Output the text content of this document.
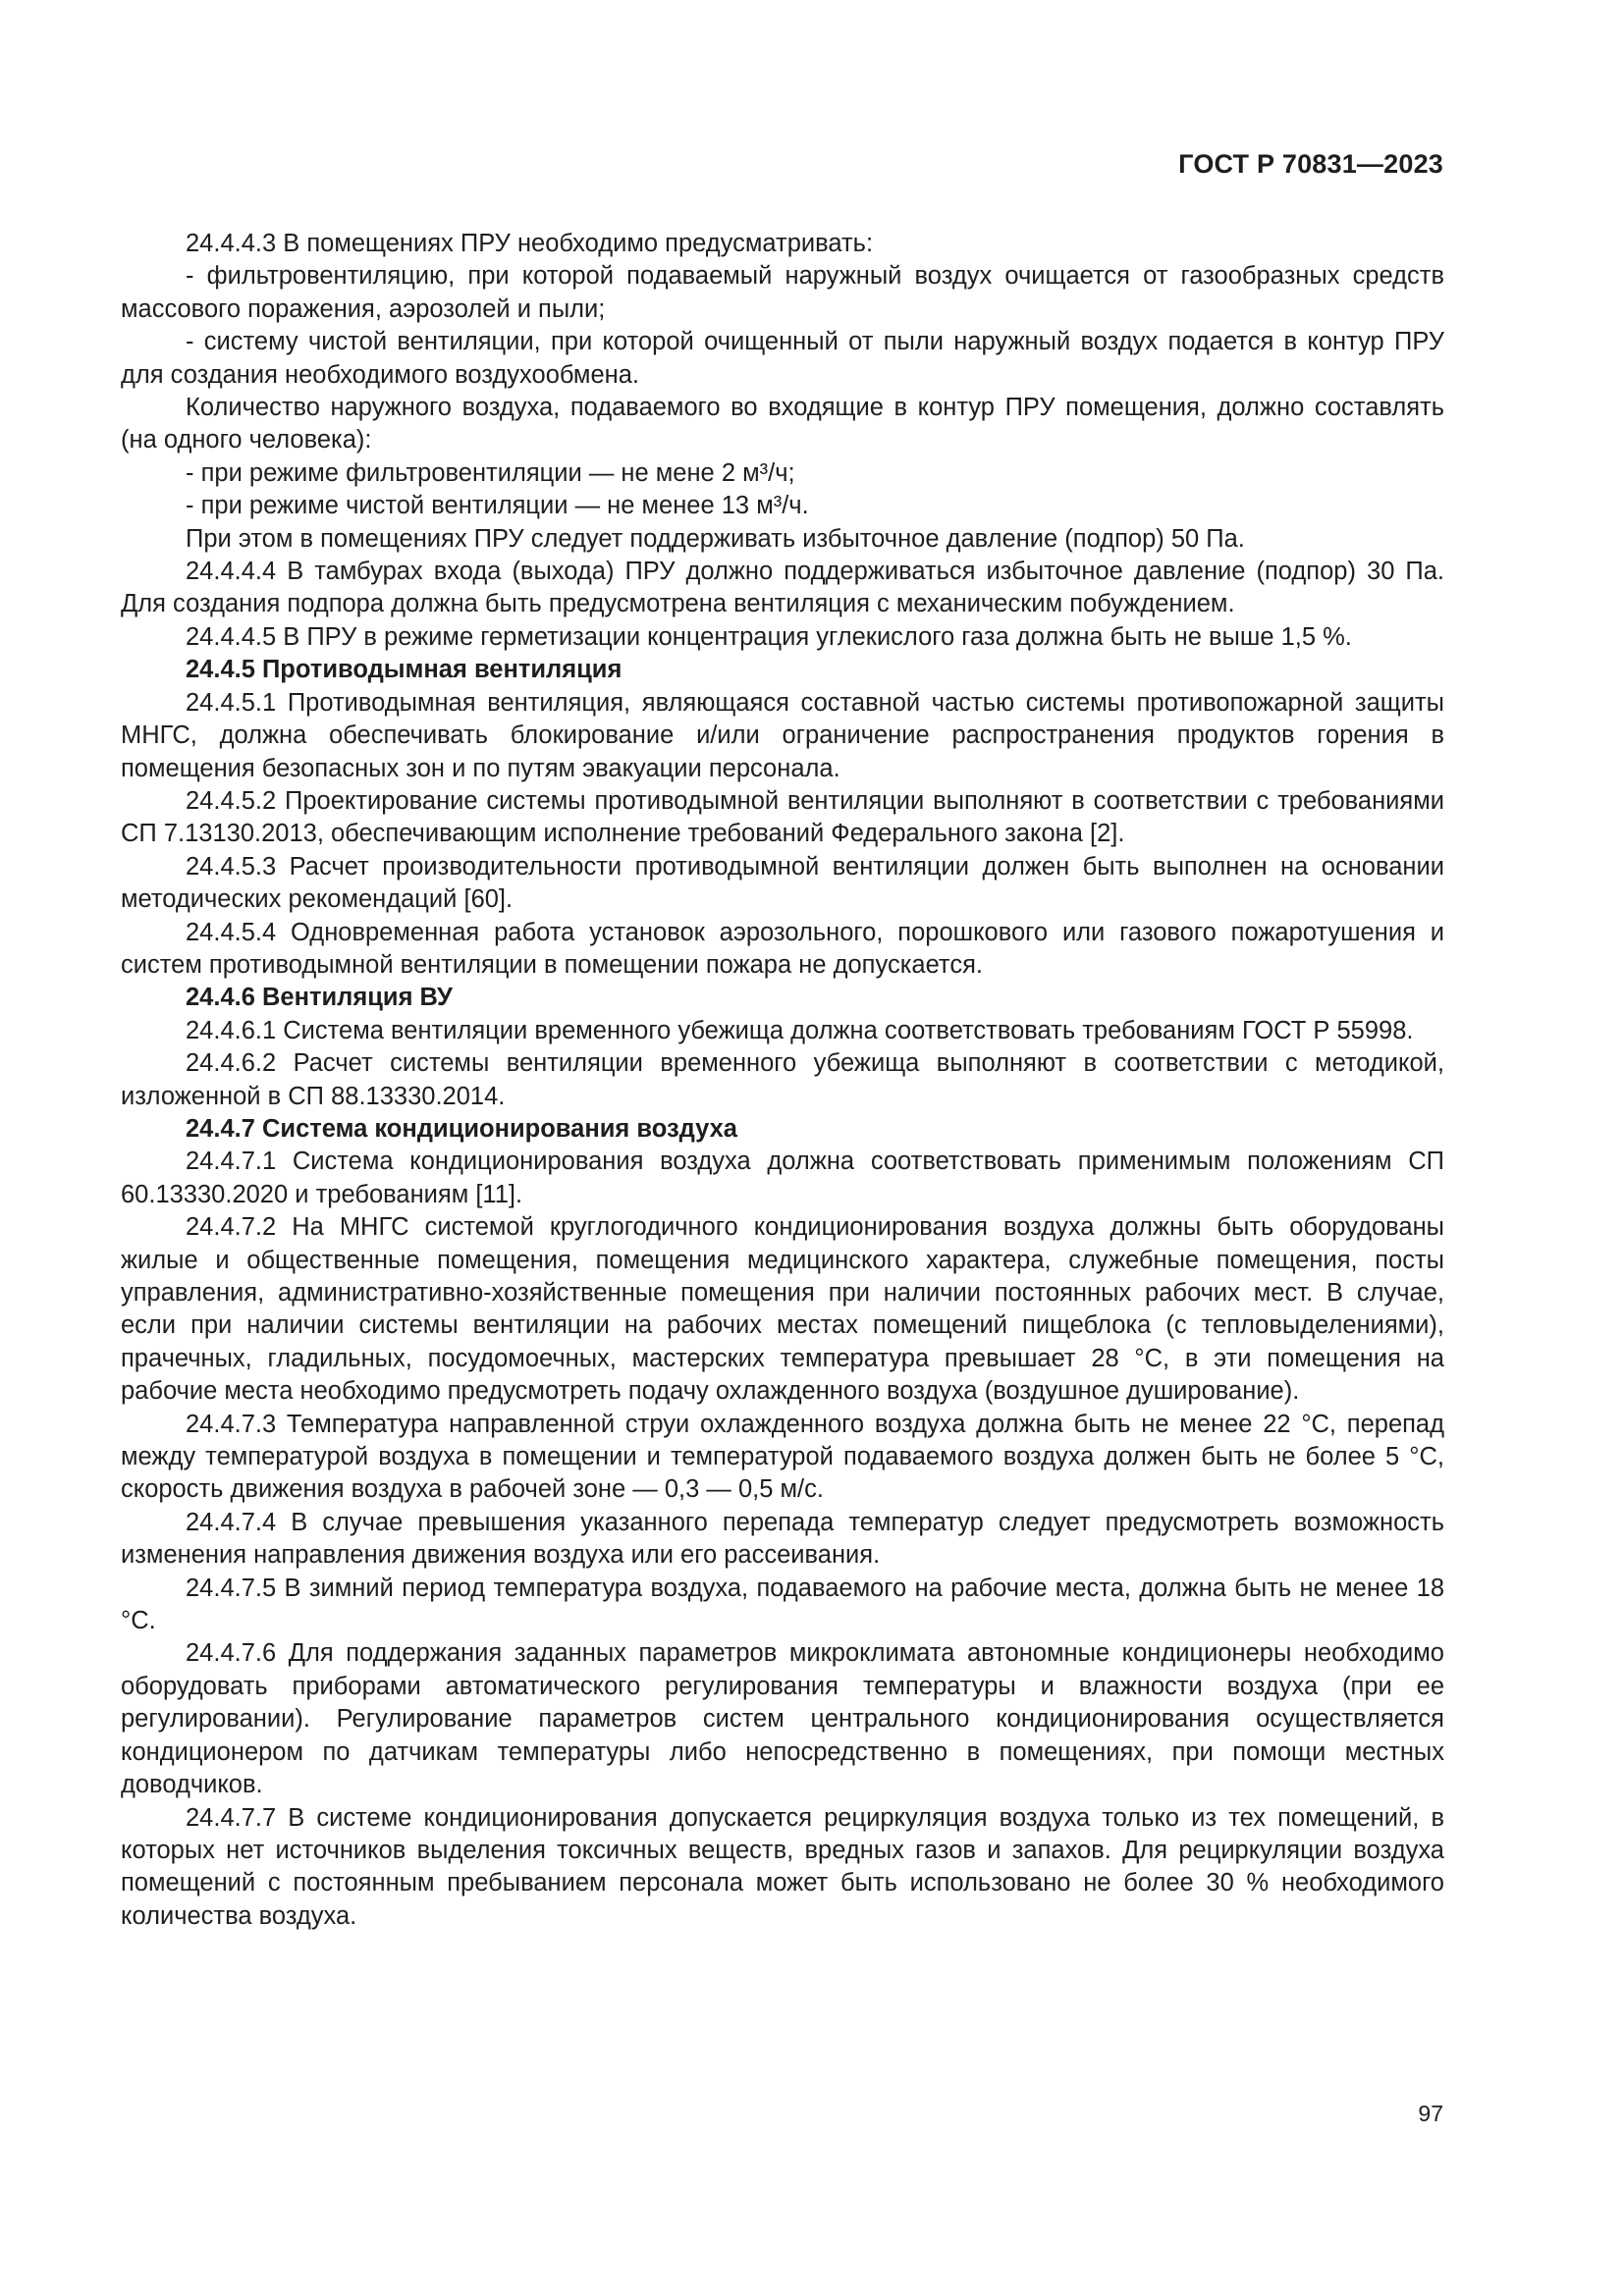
ГОСТ Р 70831—2023

24.4.4.3 В помещениях ПРУ необходимо предусматривать:

- фильтровентиляцию, при которой подаваемый наружный воздух очищается от газообразных средств массового поражения, аэрозолей и пыли;

- систему чистой вентиляции, при которой очищенный от пыли наружный воздух подается в контур ПРУ для создания необходимого воздухообмена.

Количество наружного воздуха, подаваемого во входящие в контур ПРУ помещения, должно составлять (на одного человека):

- при режиме фильтровентиляции — не мене 2 м³/ч;

- при режиме чистой вентиляции — не менее 13 м³/ч.

При этом в помещениях ПРУ следует поддерживать избыточное давление (подпор) 50 Па.

24.4.4.4 В тамбурах входа (выхода) ПРУ должно поддерживаться избыточное давление (подпор) 30 Па. Для создания подпора должна быть предусмотрена вентиляция с механическим побуждением.

24.4.4.5 В ПРУ в режиме герметизации концентрация углекислого газа должна быть не выше 1,5 %.

24.4.5 Противодымная вентиляция

24.4.5.1 Противодымная вентиляция, являющаяся составной частью системы противопожарной защиты МНГС, должна обеспечивать блокирование и/или ограничение распространения продуктов горения в помещения безопасных зон и по путям эвакуации персонала.

24.4.5.2 Проектирование системы противодымной вентиляции выполняют в соответствии с требованиями СП 7.13130.2013, обеспечивающим исполнение требований Федерального закона [2].

24.4.5.3 Расчет производительности противодымной вентиляции должен быть выполнен на основании методических рекомендаций [60].

24.4.5.4 Одновременная работа установок аэрозольного, порошкового или газового пожаротушения и систем противодымной вентиляции в помещении пожара не допускается.

24.4.6 Вентиляция ВУ

24.4.6.1 Система вентиляции временного убежища должна соответствовать требованиям ГОСТ Р 55998.

24.4.6.2 Расчет системы вентиляции временного убежища выполняют в соответствии с методикой, изложенной в СП 88.13330.2014.

24.4.7 Система кондиционирования воздуха

24.4.7.1 Система кондиционирования воздуха должна соответствовать применимым положениям СП 60.13330.2020 и требованиям [11].

24.4.7.2 На МНГС системой круглогодичного кондиционирования воздуха должны быть оборудованы жилые и общественные помещения, помещения медицинского характера, служебные помещения, посты управления, административно-хозяйственные помещения при наличии постоянных рабочих мест. В случае, если при наличии системы вентиляции на рабочих местах помещений пищеблока (с тепловыделениями), прачечных, гладильных, посудомоечных, мастерских температура превышает 28 °С, в эти помещения на рабочие места необходимо предусмотреть подачу охлажденного воздуха (воздушное душирование).

24.4.7.3 Температура направленной струи охлажденного воздуха должна быть не менее 22 °С, перепад между температурой воздуха в помещении и температурой подаваемого воздуха должен быть не более 5 °С, скорость движения воздуха в рабочей зоне — 0,3 — 0,5 м/с.

24.4.7.4 В случае превышения указанного перепада температур следует предусмотреть возможность изменения направления движения воздуха или его рассеивания.

24.4.7.5 В зимний период температура воздуха, подаваемого на рабочие места, должна быть не менее 18 °С.

24.4.7.6 Для поддержания заданных параметров микроклимата автономные кондиционеры необходимо оборудовать приборами автоматического регулирования температуры и влажности воздуха (при ее регулировании). Регулирование параметров систем центрального кондиционирования осуществляется кондиционером по датчикам температуры либо непосредственно в помещениях, при помощи местных доводчиков.

24.4.7.7 В системе кондиционирования допускается рециркуляция воздуха только из тех помещений, в которых нет источников выделения токсичных веществ, вредных газов и запахов. Для рециркуляции воздуха помещений с постоянным пребыванием персонала может быть использовано не более 30 % необходимого количества воздуха.

97
